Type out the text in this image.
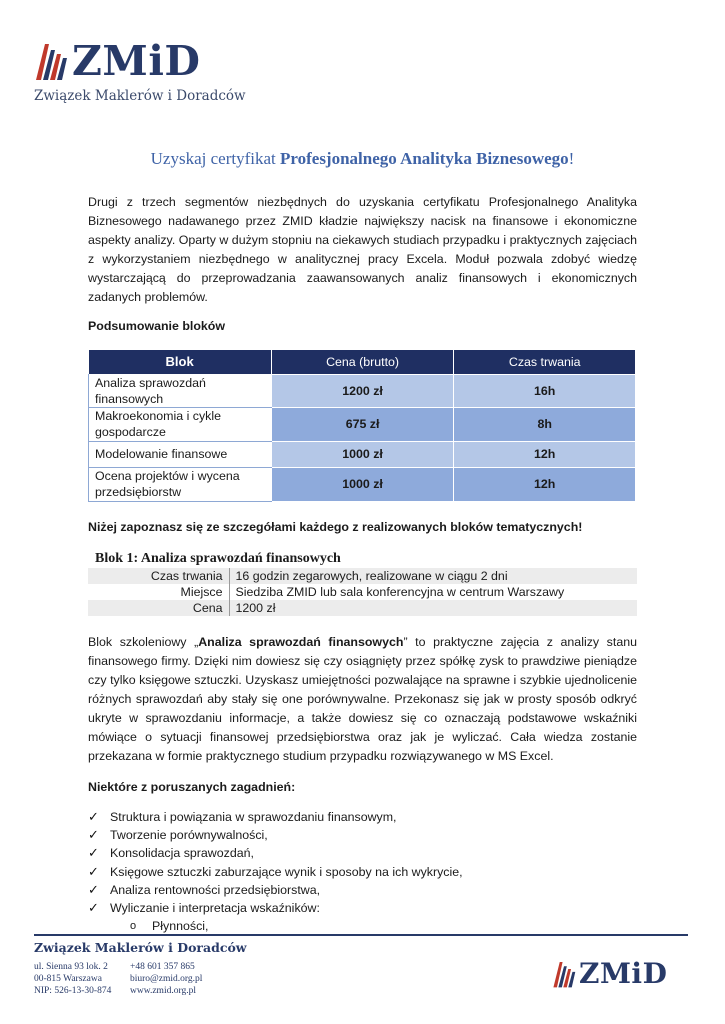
ZMiD
Związek Maklerów i Doradców
Uzyskaj certyfikat Profesjonalnego Analityka Biznesowego!

Drugi z trzech segmentów niezbędnych do uzyskania certyfikatu Profesjonalnego Analityka Biznesowego nadawanego przez ZMID kładzie największy nacisk na finansowe i ekonomiczne aspekty analizy. Oparty w dużym stopniu na ciekawych studiach przypadku i praktycznych zajęciach z wykorzystaniem niezbędnego w analitycznej pracy Excela. Moduł pozwala zdobyć wiedzę wystarczającą do przeprowadzania zaawansowanych analiz finansowych i ekonomicznych zadanych problemów.

Podsumowanie bloków
Blok	Cena (brutto)	Czas trwania
Analiza sprawozdań finansowych	1200 zł	16h
Makroekonomia i cykle gospodarcze	675 zł	8h
Modelowanie finansowe	1000 zł	12h
Ocena projektów i wycena przedsiębiorstw	1000 zł	12h
Niżej zapoznasz się ze szczegółami każdego z realizowanych bloków tematycznych!
Blok 1: Analiza sprawozdań finansowych
Czas trwania	16 godzin zegarowych, realizowane w ciągu 2 dni
Miejsce	Siedziba ZMID lub sala konferencyjna w centrum Warszawy
Cena	1200 zł

Blok szkoleniowy „Analiza sprawozdań finansowych” to praktyczne zajęcia z analizy stanu finansowego firmy. Dzięki nim dowiesz się czy osiągnięty przez spółkę zysk to prawdziwe pieniądze czy tylko księgowe sztuczki. Uzyskasz umiejętności pozwalające na sprawne i szybkie ujednolicenie różnych sprawozdań aby stały się one porównywalne. Przekonasz się jak w prosty sposób odkryć ukryte w sprawozdaniu informacje, a także dowiesz się co oznaczają podstawowe wskaźniki mówiące o sytuacji finansowej przedsiębiorstwa oraz jak je wyliczać. Cała wiedza zostanie przekazana w formie praktycznego studium przypadku rozwiązywanego w MS Excel.

Niektóre z poruszanych zagadnień:
✓ Struktura i powiązania w sprawozdaniu finansowym,
✓ Tworzenie porównywalności,
✓ Konsolidacja sprawozdań,
✓ Księgowe sztuczki zaburzające wynik i sposoby na ich wykrycie,
✓ Analiza rentowności przedsiębiorstwa,
✓ Wyliczanie i interpretacja wskaźników:
o	Płynności,
Związek Maklerów i Doradców
ul. Sienna 93 lok. 2
00-815 Warszawa
NIP: 526-13-30-874
+48 601 357 865
biuro@zmid.org.pl
www.zmid.org.pl
ZMiD
